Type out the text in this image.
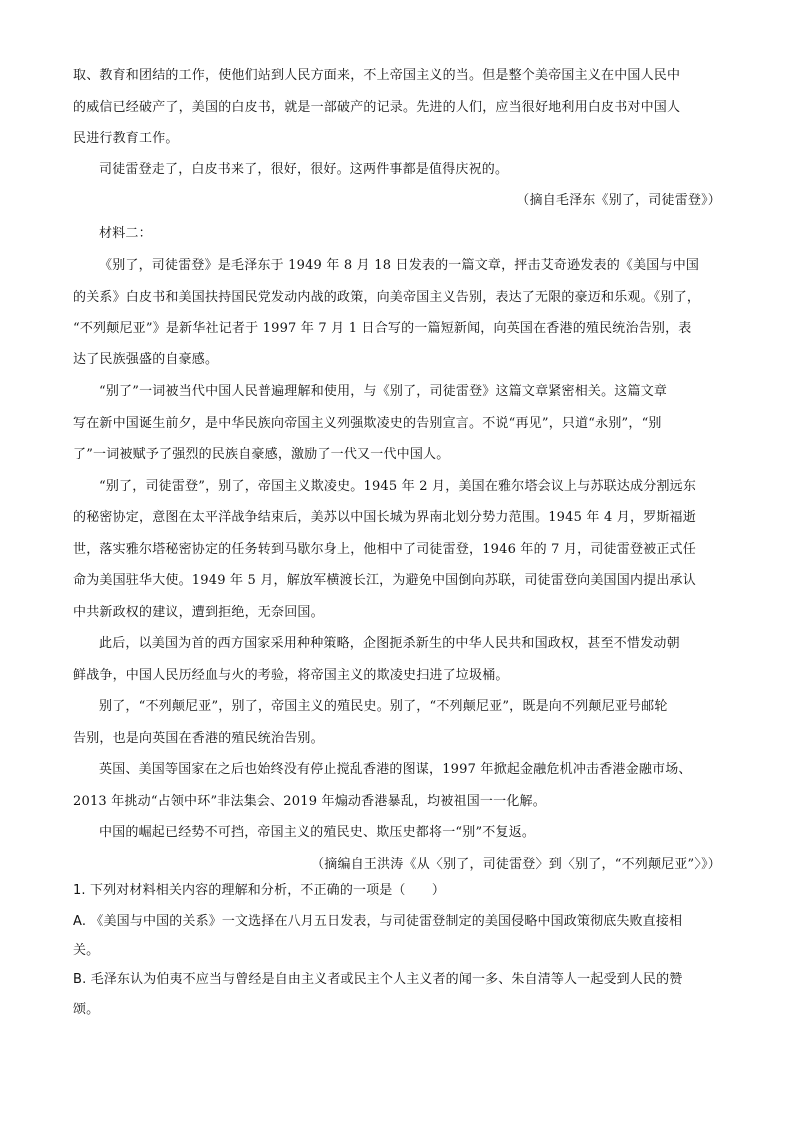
取、教育和团结的工作，使他们站到人民方面来，不上帝国主义的当。但是整个美帝国主义在中国人民中
的威信已经破产了，美国的白皮书，就是一部破产的记录。先进的人们，应当很好地利用白皮书对中国人
民进行教育工作。
司徒雷登走了，白皮书来了，很好，很好。这两件事都是值得庆祝的。
（摘自毛泽东《别了，司徒雷登》）
材料二：
《别了，司徒雷登》是毛泽东于 1949 年 8 月 18 日发表的一篇文章，抨击艾奇逊发表的《美国与中国
的关系》白皮书和美国扶持国民党发动内战的政策，向美帝国主义告别，表达了无限的豪迈和乐观。《别了，
“不列颠尼亚”》是新华社记者于 1997 年 7 月 1 日合写的一篇短新闻，向英国在香港的殖民统治告别，表
达了民族强盛的自豪感。
“别了”一词被当代中国人民普遍理解和使用，与《别了，司徒雷登》这篇文章紧密相关。这篇文章
写在新中国诞生前夕，是中华民族向帝国主义列强欺凌史的告别宣言。不说“再见”，只道“永别”，“别
了”一词被赋予了强烈的民族自豪感，激励了一代又一代中国人。
“别了，司徒雷登”，别了，帝国主义欺凌史。1945 年 2 月，美国在雅尔塔会议上与苏联达成分割远东
的秘密协定，意图在太平洋战争结束后，美苏以中国长城为界南北划分势力范围。1945 年 4 月，罗斯福逝
世，落实雅尔塔秘密协定的任务转到马歇尔身上，他相中了司徒雷登，1946 年的 7 月，司徒雷登被正式任
命为美国驻华大使。1949 年 5 月，解放军横渡长江，为避免中国倒向苏联，司徒雷登向美国国内提出承认
中共新政权的建议，遭到拒绝，无奈回国。
此后，以美国为首的西方国家采用种种策略，企图扼杀新生的中华人民共和国政权，甚至不惜发动朝
鲜战争，中国人民历经血与火的考验，将帝国主义的欺凌史扫进了垃圾桶。
别了，“不列颠尼亚”，别了，帝国主义的殖民史。别了，“不列颠尼亚”，既是向不列颠尼亚号邮轮
告别，也是向英国在香港的殖民统治告别。
英国、美国等国家在之后也始终没有停止搅乱香港的图谋，1997 年掀起金融危机冲击香港金融市场、
2013 年挑动“占领中环”非法集会、2019 年煽动香港暴乱，均被祖国一一化解。
中国的崛起已经势不可挡，帝国主义的殖民史、欺压史都将一“别”不复返。
（摘编自王洪涛《从〈别了，司徒雷登〉到〈别了，“不列颠尼亚”〉》）
1. 下列对材料相关内容的理解和分析，不正确的一项是（　　）
A. 《美国与中国的关系》一文选择在八月五日发表，与司徒雷登制定的美国侵略中国政策彻底失败直接相
关。
B. 毛泽东认为伯夷不应当与曾经是自由主义者或民主个人主义者的闻一多、朱自清等人一起受到人民的赞
颂。
